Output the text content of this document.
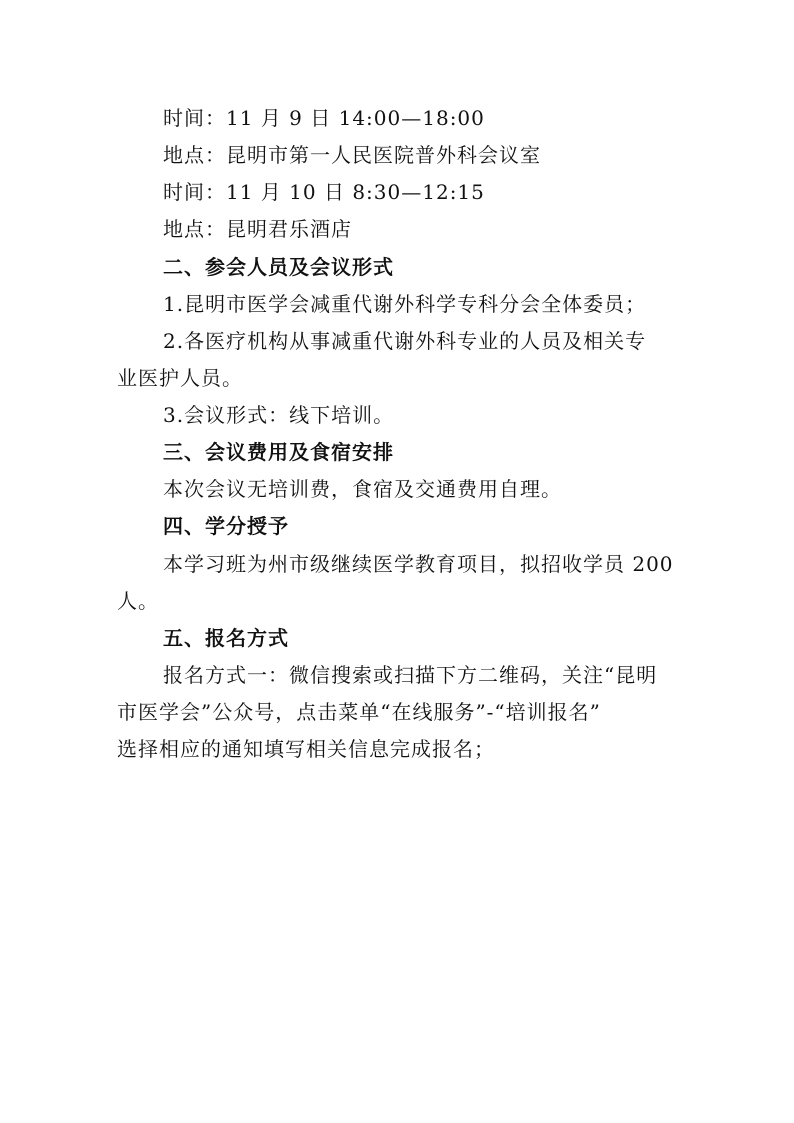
时间：11 月 9 日 14:00—18:00
地点：昆明市第一人民医院普外科会议室
时间：11 月 10 日 8:30—12:15
地点：昆明君乐酒店
二、参会人员及会议形式
1.昆明市医学会减重代谢外科学专科分会全体委员；
2.各医疗机构从事减重代谢外科专业的人员及相关专
业医护人员。
3.会议形式：线下培训。
三、会议费用及食宿安排
本次会议无培训费，食宿及交通费用自理。
四、学分授予
本学习班为州市级继续医学教育项目，拟招收学员 200
人。
五、报名方式
报名方式一：微信搜索或扫描下方二维码，关注“昆明
市医学会”公众号，点击菜单“在线服务”-“培训报名”
选择相应的通知填写相关信息完成报名；
